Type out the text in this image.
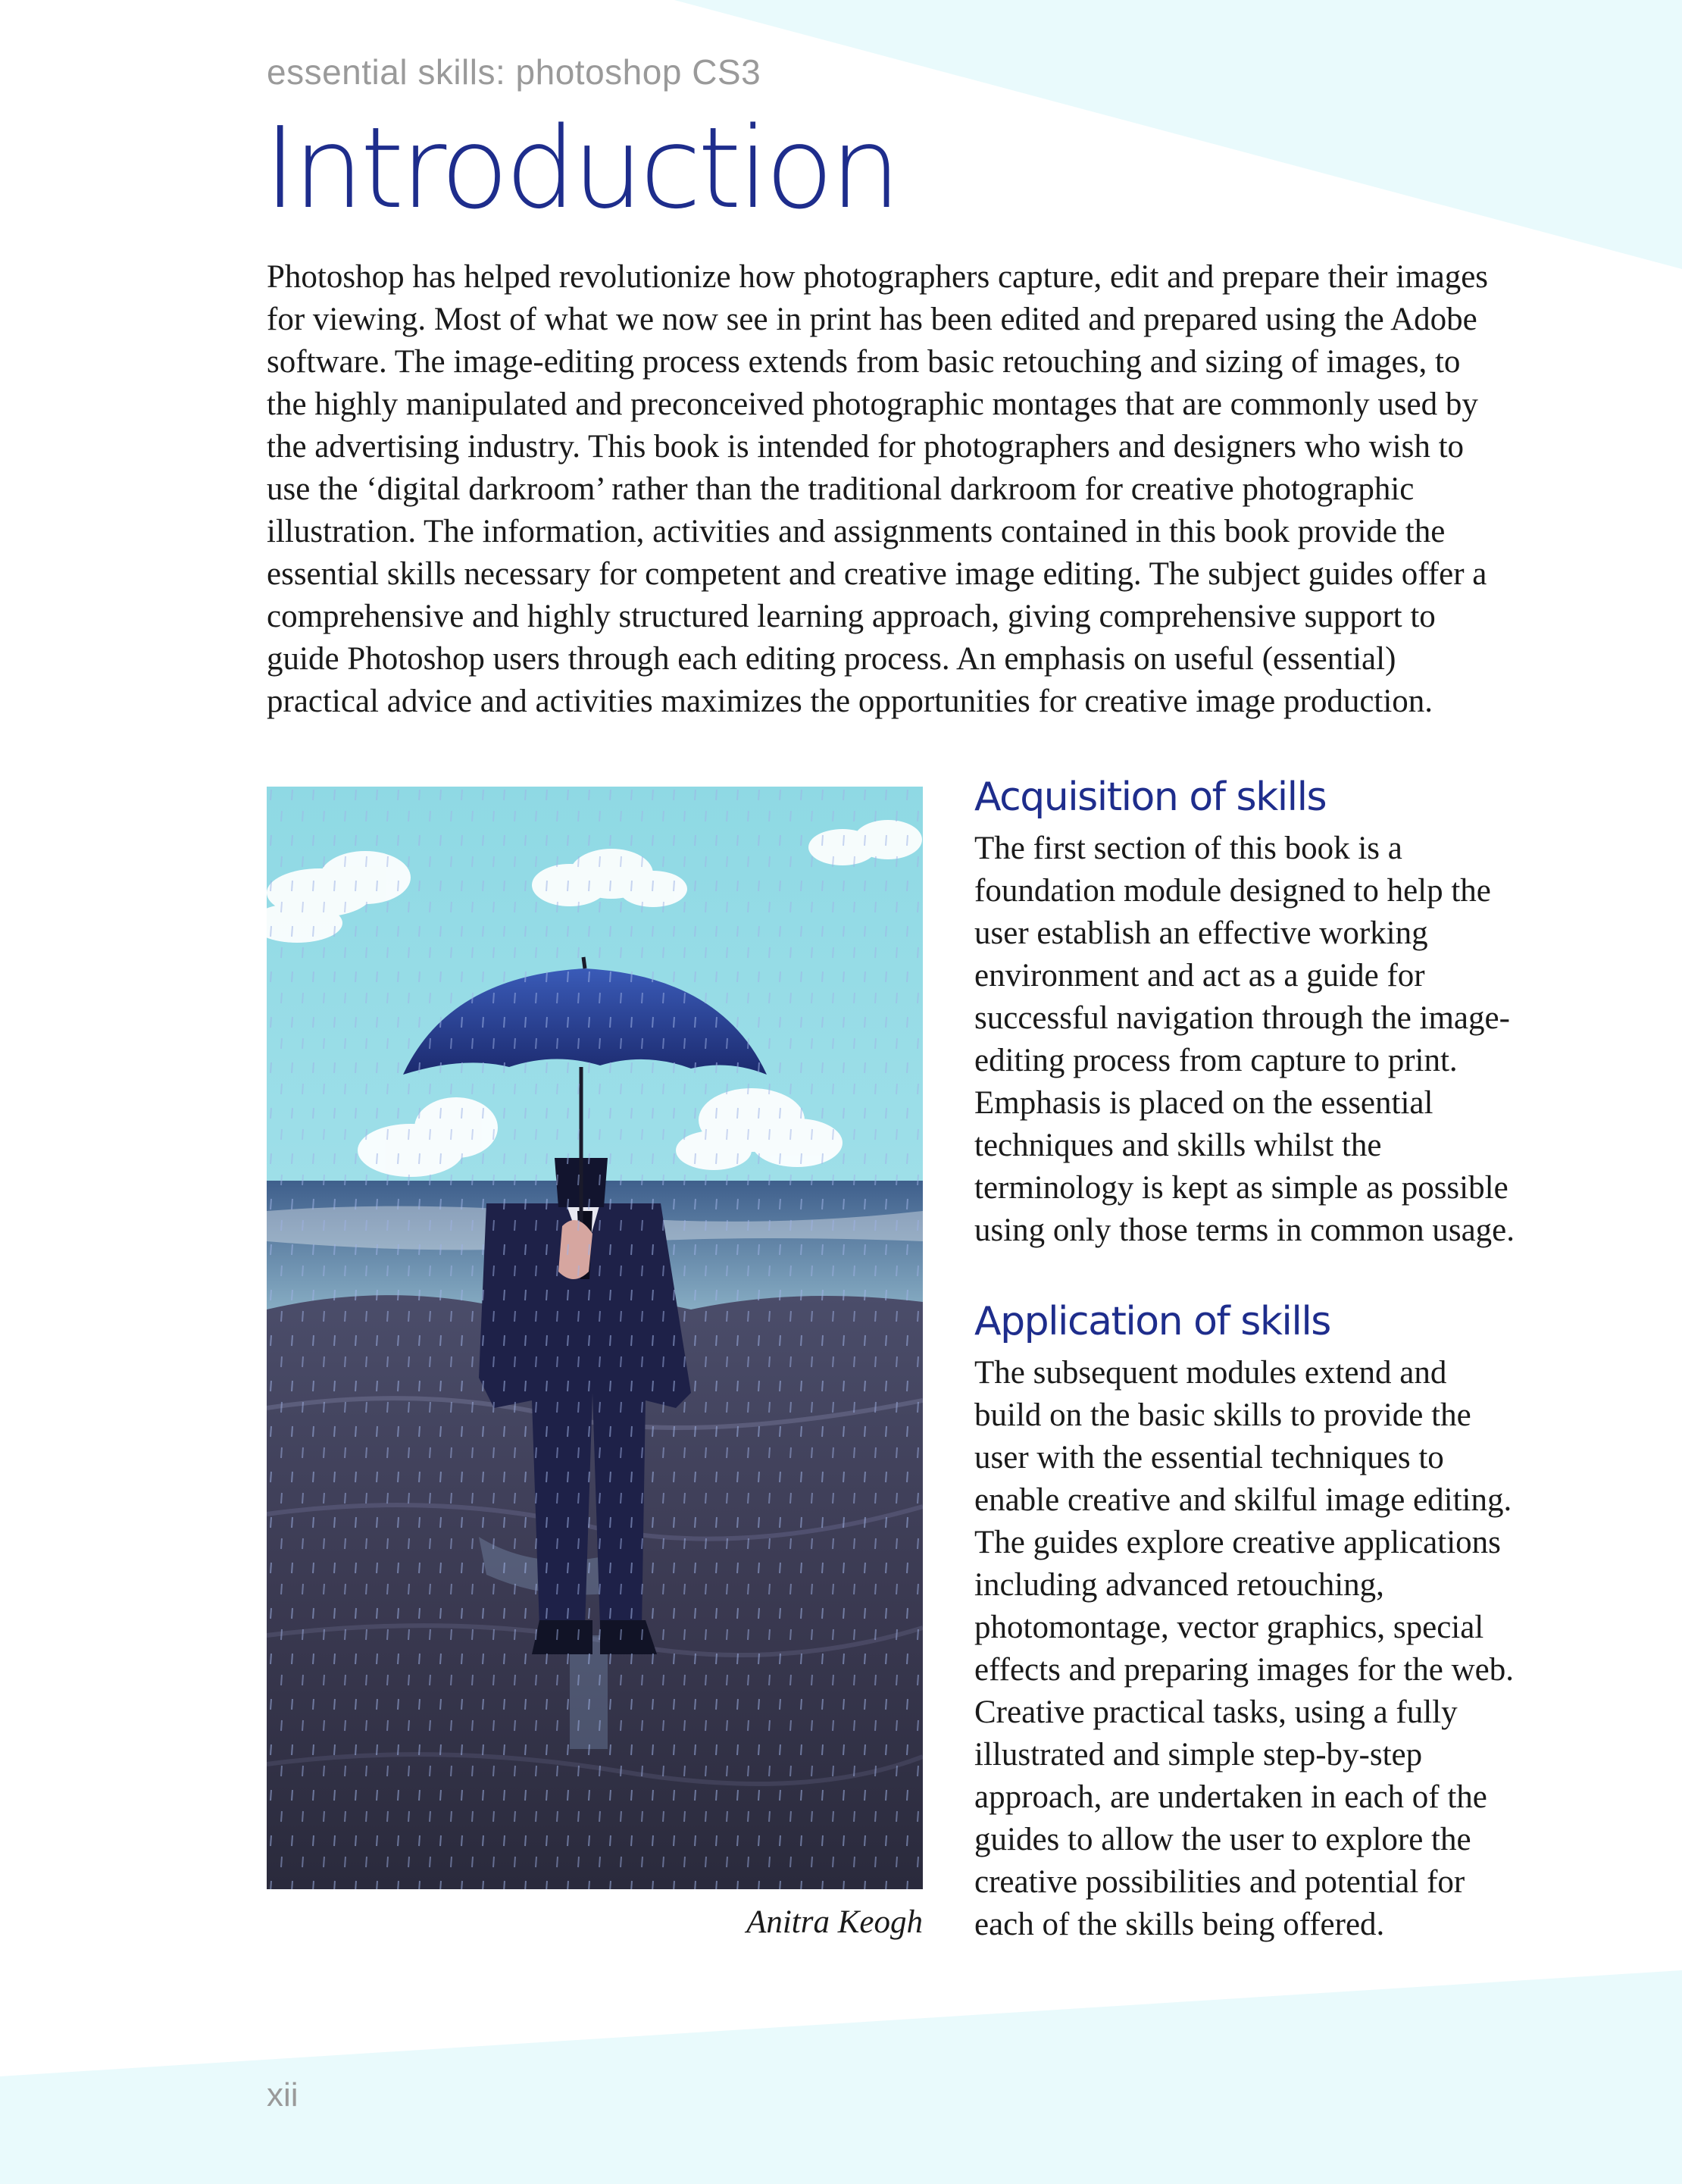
essential skills: photoshop CS3
Introduction

Photoshop has helped revolutionize how photographers capture, edit and prepare their images for viewing. Most of what we now see in print has been edited and prepared using the Adobe software. The image-editing process extends from basic retouching and sizing of images, to the highly manipulated and preconceived photographic montages that are commonly used by the advertising industry. This book is intended for photographers and designers who wish to use the ‘digital darkroom’ rather than the traditional darkroom for creative photographic illustration. The information, activities and assignments contained in this book provide the essential skills necessary for competent and creative image editing. The subject guides offer a comprehensive and highly structured learning approach, giving comprehensive support to guide Photoshop users through each editing process. An emphasis on useful (essential) practical advice and activities maximizes the opportunities for creative image production.

Anitra Keogh
Acquisition of skills

The first section of this book is a foundation module designed to help the user establish an effective working environment and act as a guide for successful navigation through the image-editing process from capture to print. Emphasis is placed on the essential techniques and skills whilst the terminology is kept as simple as possible using only those terms in common usage.

Application of skills

The subsequent modules extend and build on the basic skills to provide the user with the essential techniques to enable creative and skilful image editing. The guides explore creative applications including advanced retouching, photomontage, vector graphics, special effects and preparing images for the web. Creative practical tasks, using a fully illustrated and simple step-by-step approach, are undertaken in each of the guides to allow the user to explore the creative possibilities and potential for each of the skills being offered.

xii
